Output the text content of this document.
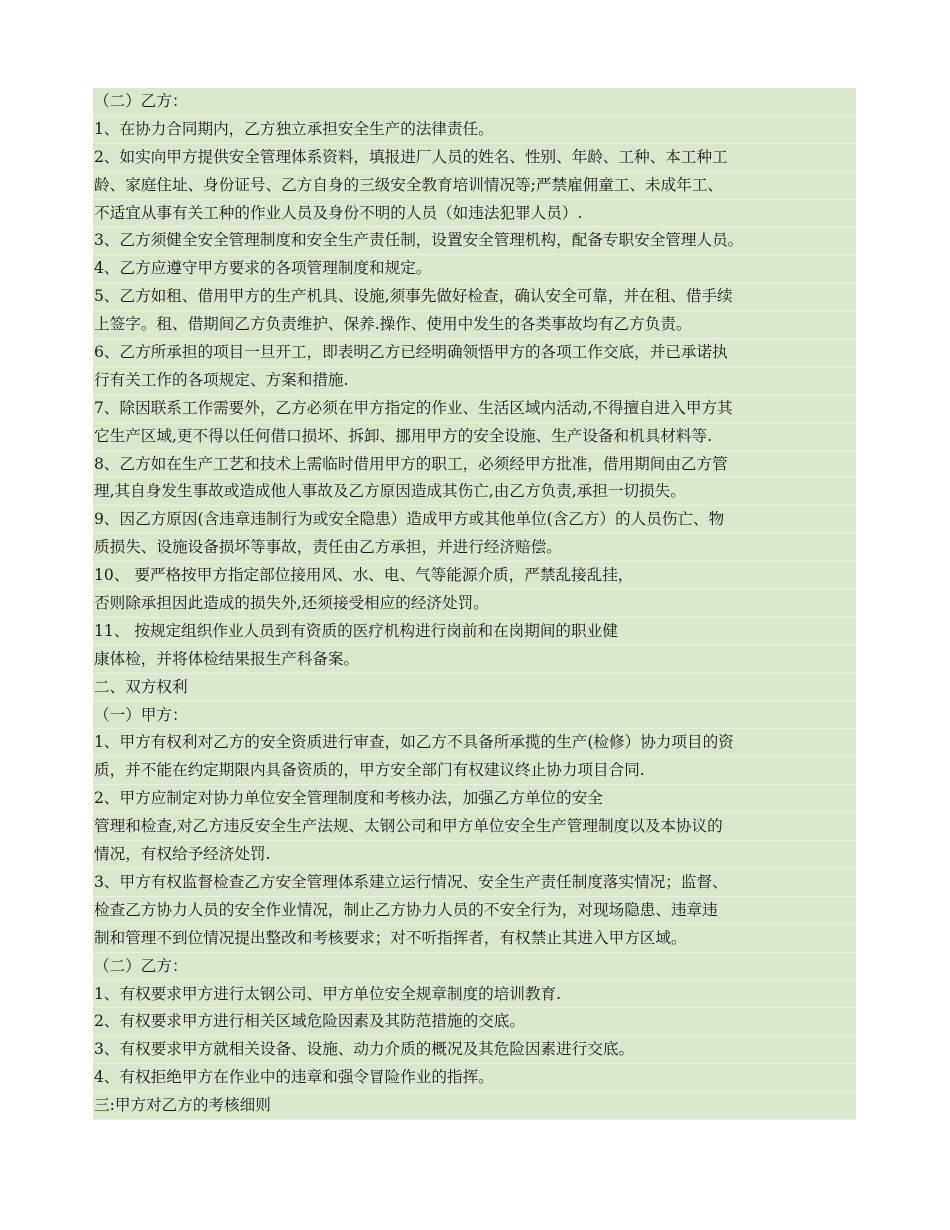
（二）乙方：
1、在协力合同期内，乙方独立承担安全生产的法律责任。
2、如实向甲方提供安全管理体系资料，填报进厂人员的姓名、性别、年龄、工种、本工种工
龄、家庭住址、身份证号、乙方自身的三级安全教育培训情况等;严禁雇佣童工、未成年工、
不适宜从事有关工种的作业人员及身份不明的人员（如违法犯罪人员）.
3、乙方须健全安全管理制度和安全生产责任制，设置安全管理机构，配备专职安全管理人员。
4、乙方应遵守甲方要求的各项管理制度和规定。
5、乙方如租、借用甲方的生产机具、设施,须事先做好检查，确认安全可靠，并在租、借手续
上签字。租、借期间乙方负责维护、保养.操作、使用中发生的各类事故均有乙方负责。
6、乙方所承担的项目一旦开工，即表明乙方已经明确领悟甲方的各项工作交底，并已承诺执
行有关工作的各项规定、方案和措施.
7、除因联系工作需要外，乙方必须在甲方指定的作业、生活区域内活动,不得擅自进入甲方其
它生产区域,更不得以任何借口损坏、拆卸、挪用甲方的安全设施、生产设备和机具材料等.
8、乙方如在生产工艺和技术上需临时借用甲方的职工，必须经甲方批准，借用期间由乙方管
理,其自身发生事故或造成他人事故及乙方原因造成其伤亡,由乙方负责,承担一切损失。
9、因乙方原因(含违章违制行为或安全隐患）造成甲方或其他单位(含乙方）的人员伤亡、物
质损失、设施设备损坏等事故，责任由乙方承担，并进行经济赔偿。
10、 要严格按甲方指定部位接用风、水、电、气等能源介质，严禁乱接乱挂，
否则除承担因此造成的损失外,还须接受相应的经济处罚。
11、 按规定组织作业人员到有资质的医疗机构进行岗前和在岗期间的职业健
康体检，并将体检结果报生产科备案。
二、双方权利
（一）甲方：
1、甲方有权利对乙方的安全资质进行审查，如乙方不具备所承揽的生产(检修）协力项目的资
质，并不能在约定期限内具备资质的，甲方安全部门有权建议终止协力项目合同.
2、甲方应制定对协力单位安全管理制度和考核办法，加强乙方单位的安全
管理和检查,对乙方违反安全生产法规、太钢公司和甲方单位安全生产管理制度以及本协议的
情况，有权给予经济处罚.
3、甲方有权监督检查乙方安全管理体系建立运行情况、安全生产责任制度落实情况；监督、
检查乙方协力人员的安全作业情况，制止乙方协力人员的不安全行为，对现场隐患、违章违
制和管理不到位情况提出整改和考核要求；对不听指挥者，有权禁止其进入甲方区域。
（二）乙方：
1、有权要求甲方进行太钢公司、甲方单位安全规章制度的培训教育.
2、有权要求甲方进行相关区域危险因素及其防范措施的交底。
3、有权要求甲方就相关设备、设施、动力介质的概况及其危险因素进行交底。
4、有权拒绝甲方在作业中的违章和强令冒险作业的指挥。
三:甲方对乙方的考核细则
